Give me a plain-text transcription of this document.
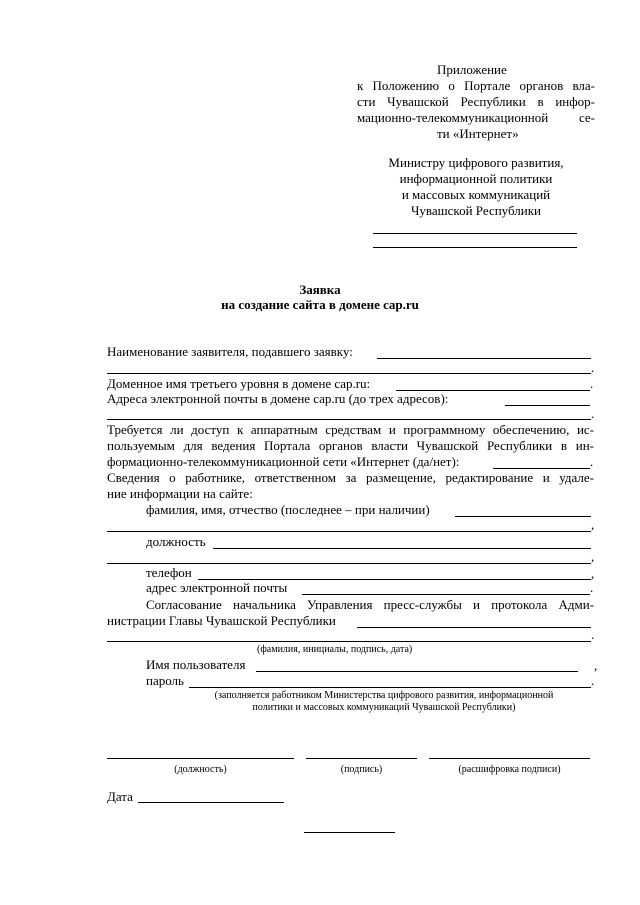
Приложение
к Положению о Портале органов вла-
сти Чувашской Республики в инфор-
мационно-телекоммуникационной се-
ти «Интернет»
Министру цифрового развития,
информационной политики
и массовых коммуникаций
Чувашской Республики
Заявка
на создание сайта в домене cap.ru
Наименование заявителя, подавшего заявку:
.
Доменное имя третьего уровня в домене cap.ru:	.
Адреса электронной почты в домене cap.ru (до трех адресов):
.
Требуется ли доступ к аппаратным средствам и программному обеспечению, ис-
пользуемым для ведения Портала органов власти Чувашской Республики в ин-
формационно-телекоммуникационной сети «Интернет (да/нет):	.
Сведения о работнике, ответственном за размещение, редактирование и удале-
ние информации на сайте:
фамилия, имя, отчество (последнее – при наличии)
,
должность
,
телефон	,
адрес электронной почты	.
Согласование начальника Управления пресс-службы и протокола Адми-
нистрации Главы Чувашской Республики
.
(фамилия, инициалы, подпись, дата)
Имя пользователя	,
пароль	.
(заполняется работником Министерства цифрового развития, информационной
политики и массовых коммуникаций Чувашской Республики)
(должность)	(подпись)	(расшифровка подписи)
Дата
